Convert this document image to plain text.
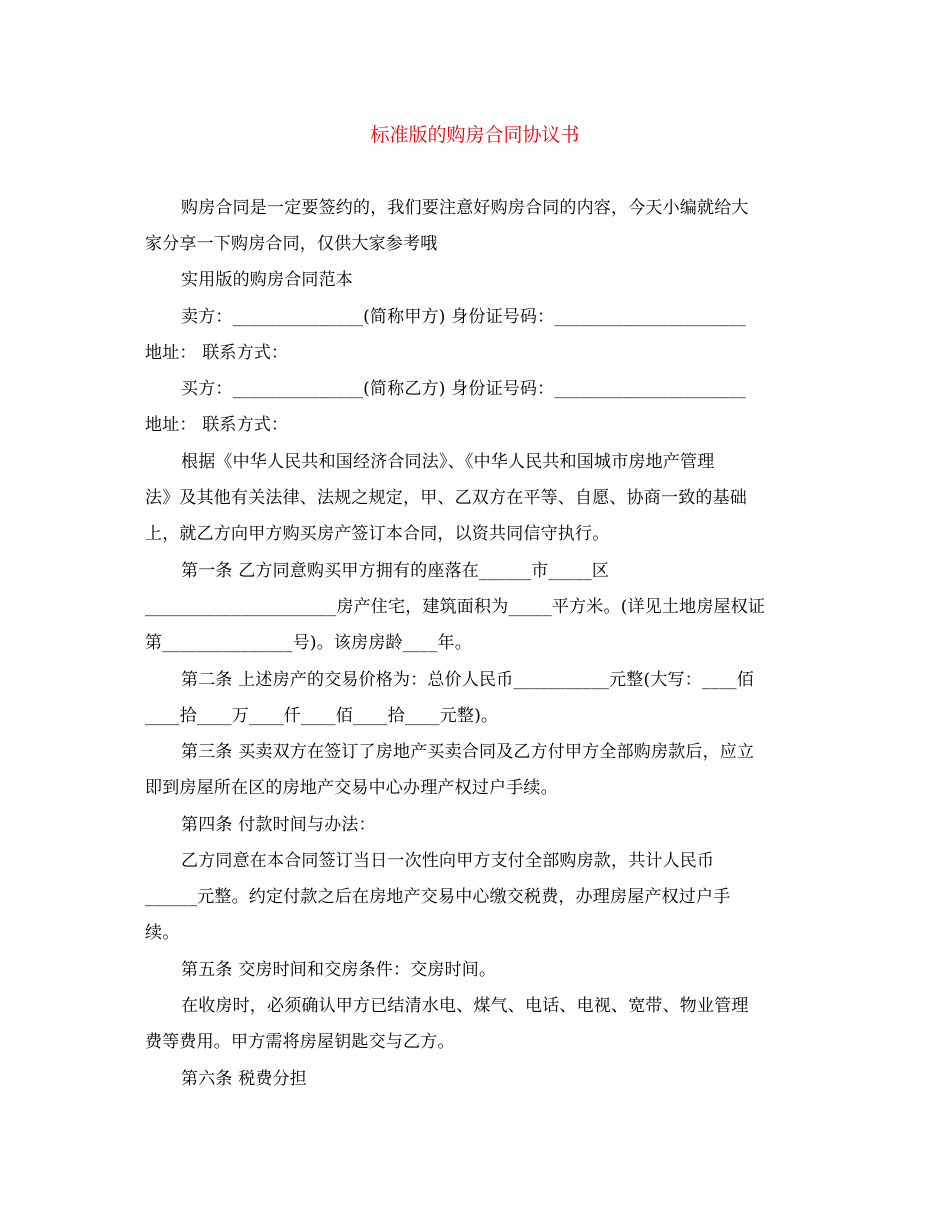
标准版的购房合同协议书
购房合同是一定要签约的，我们要注意好购房合同的内容，今天小编就给大
家分享一下购房合同，仅供大家参考哦
实用版的购房合同范本
卖方：_______________(简称甲方) 身份证号码：______________________
地址： 联系方式：
买方：_______________(简称乙方) 身份证号码：______________________
地址： 联系方式：
根据《中华人民共和国经济合同法》、《中华人民共和国城市房地产管理
法》及其他有关法律、法规之规定，甲、乙双方在平等、自愿、协商一致的基础
上，就乙方向甲方购买房产签订本合同，以资共同信守执行。
第一条 乙方同意购买甲方拥有的座落在______市_____区
______________________房产住宅，建筑面积为_____平方米。(详见土地房屋权证
第_______________号)。该房房龄____年。
第二条 上述房产的交易价格为：总价人民币___________元整(大写：____佰
____拾____万____仟____佰____拾____元整)。
第三条 买卖双方在签订了房地产买卖合同及乙方付甲方全部购房款后，应立
即到房屋所在区的房地产交易中心办理产权过户手续。
第四条 付款时间与办法：
乙方同意在本合同签订当日一次性向甲方支付全部购房款，共计人民币
______元整。约定付款之后在房地产交易中心缴交税费，办理房屋产权过户手
续。
第五条 交房时间和交房条件：交房时间。
在收房时，必须确认甲方已结清水电、煤气、电话、电视、宽带、物业管理
费等费用。甲方需将房屋钥匙交与乙方。
第六条 税费分担
